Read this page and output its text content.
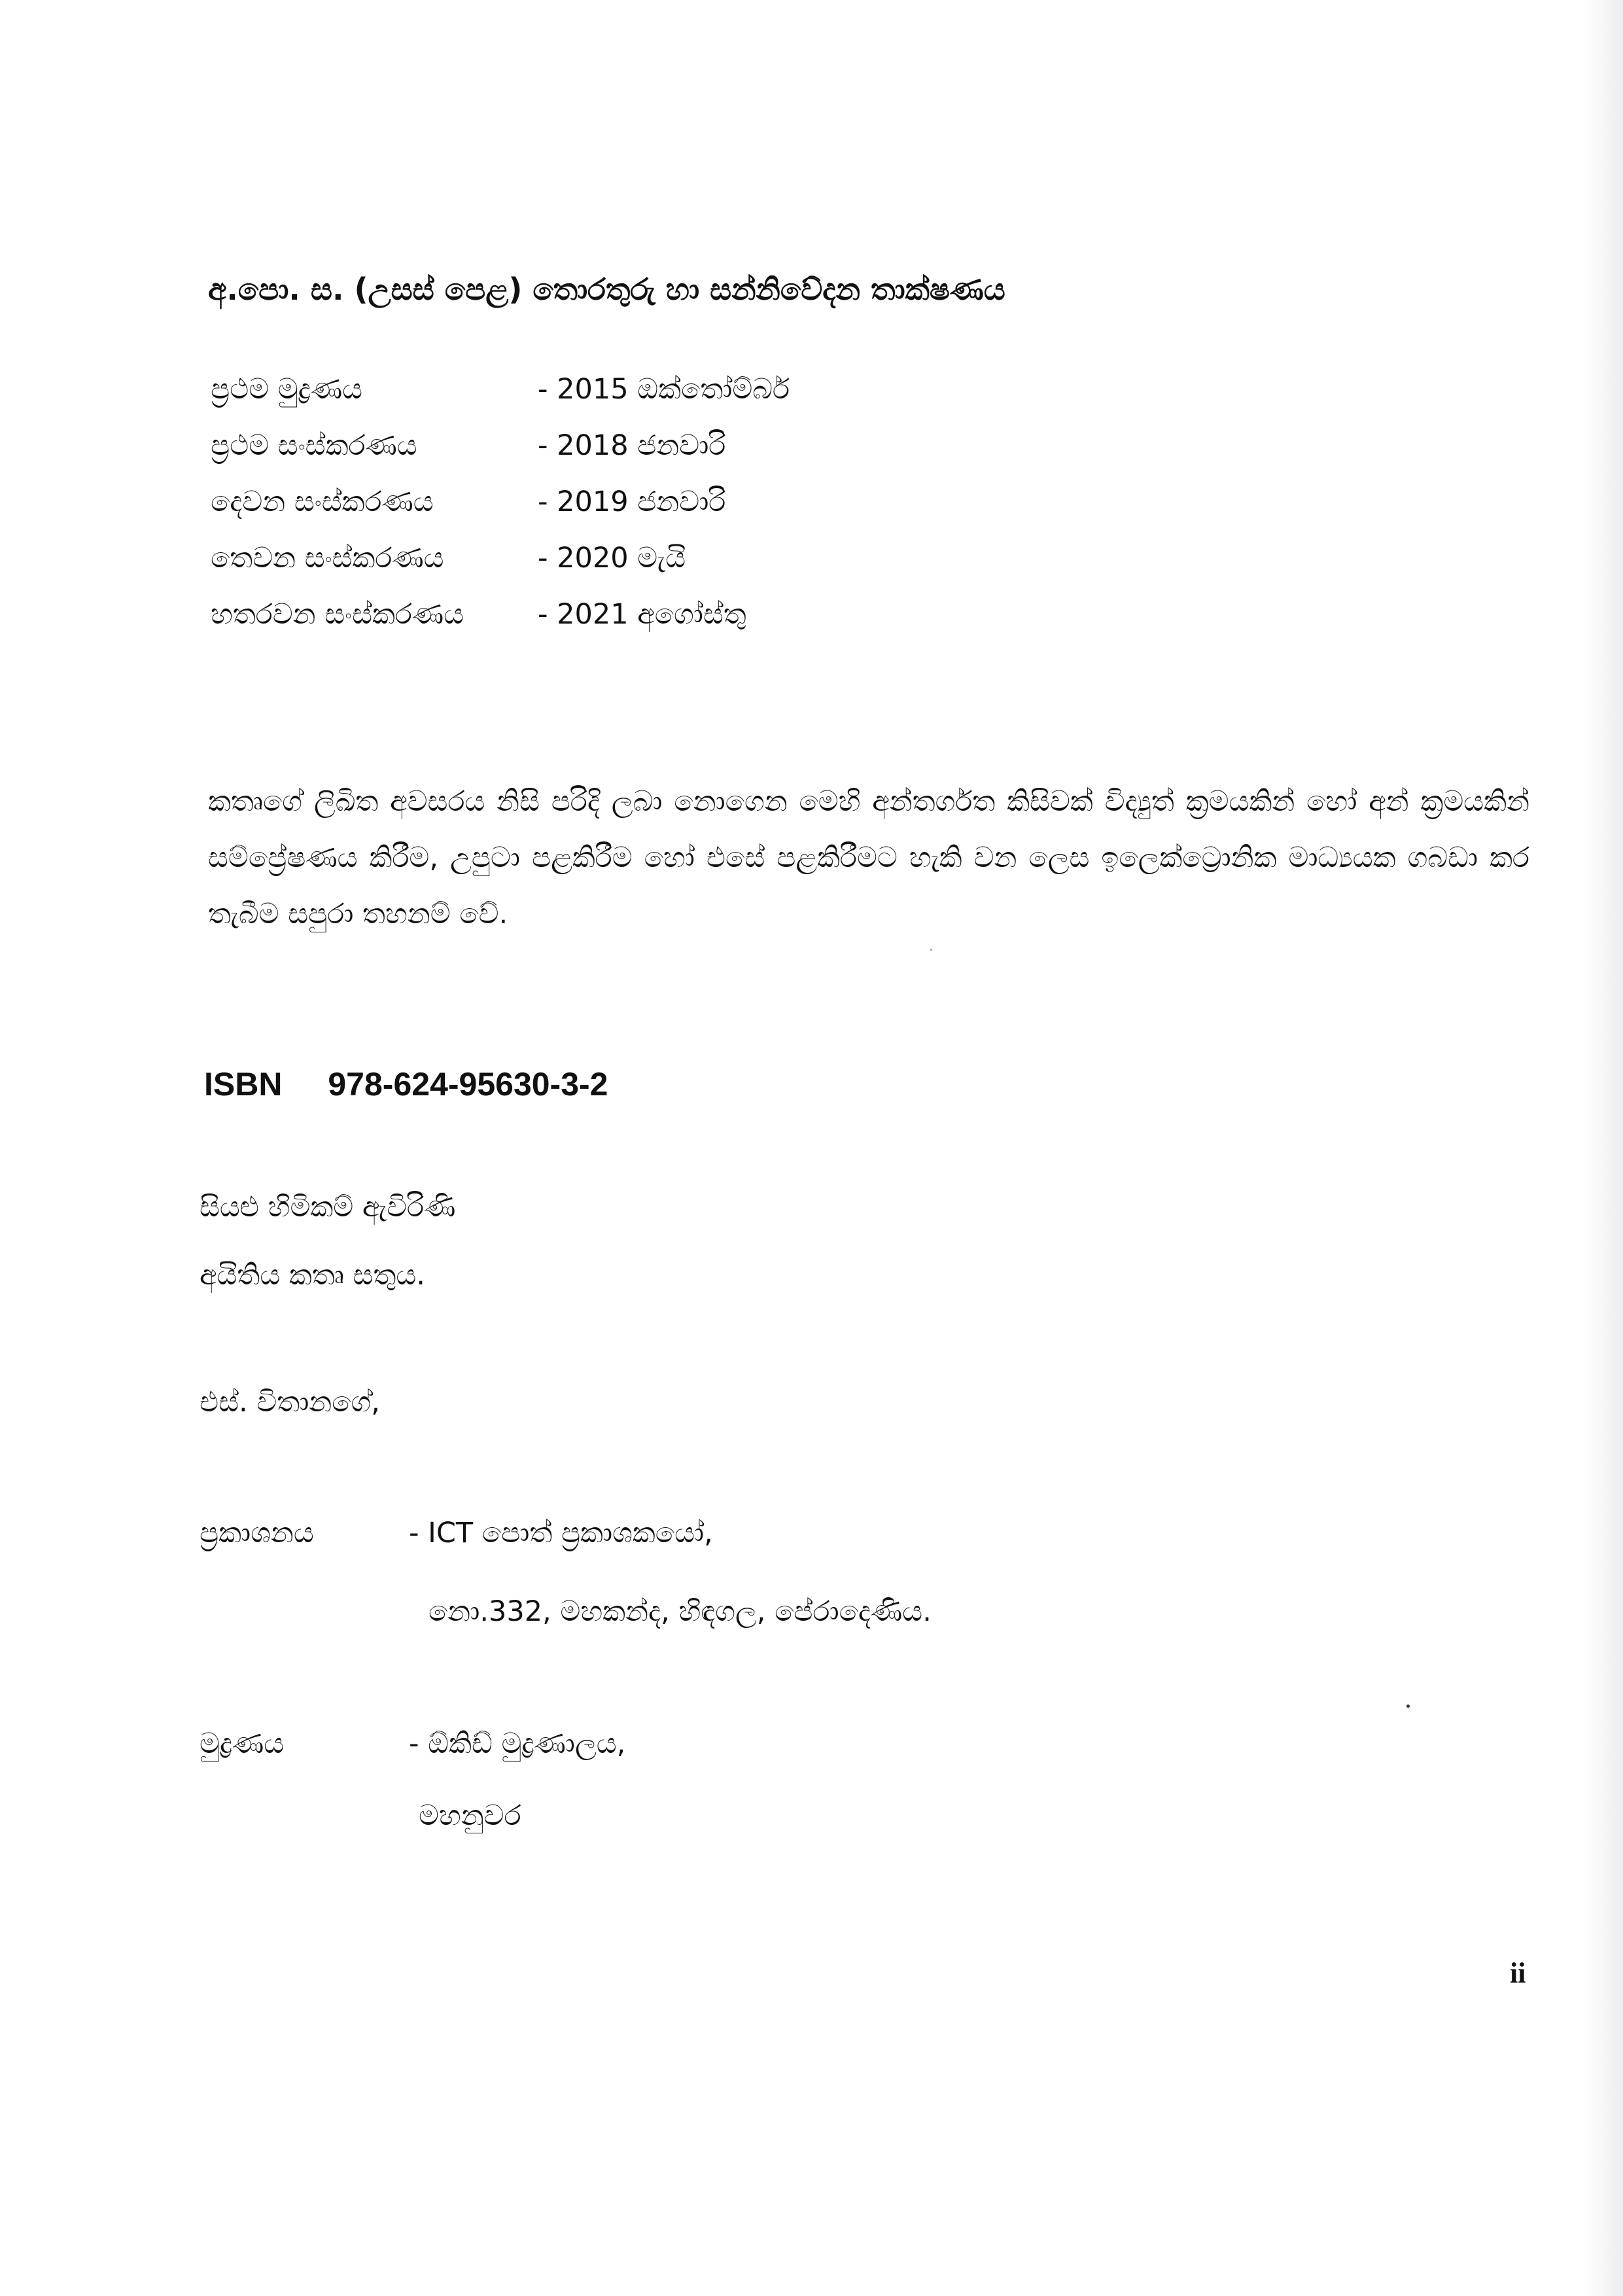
අ.පො. ස. (උසස් පෙළ) තොරතුරු හා සන්නිවේදන තාක්ෂණය
ප්‍රථම මුද්‍රණය	- 2015 ඔක්තෝම්බර්
ප්‍රථම සංස්කරණය	- 2018 ජනවාරි
දෙවන සංස්කරණය	- 2019 ජනවාරි
තෙවන සංස්කරණය	- 2020 මැයි
හතරවන සංස්කරණය	- 2021 අගෝස්තු
කතෘගේ ලිඛිත අවසරය නිසි පරිදි ලබා නොගෙන මෙහි අන්තර්ගත කිසිවක් විද්‍යුත් ක්‍රමයකින් හෝ අන් ක්‍රමයකින් සම්ප්‍රේෂණය කිරීම, උපුටා පළකිරීම හෝ එසේ පළකිරීමට හැකි වන ලෙස ඉලෙක්ට්‍රොනික මාධ්‍යයක ගබඩා කර තැබීම සපුරා තහනම් වේ.
ISBN 978-624-95630-3-2
සියළු හිමිකම් ඇවිරිණි
අයිතිය කතෘ සතුය.
එස්. විතානගේ,
ප්‍රකාශනය	- ICT පොත් ප්‍රකාශකයෝ,
නො.332, මහකන්ද, හිඳගල, පේරාදෙණිය.
මුද්‍රණය	- ඕකිඩ් මුද්‍රණාලය,
මහනුවර
ii
